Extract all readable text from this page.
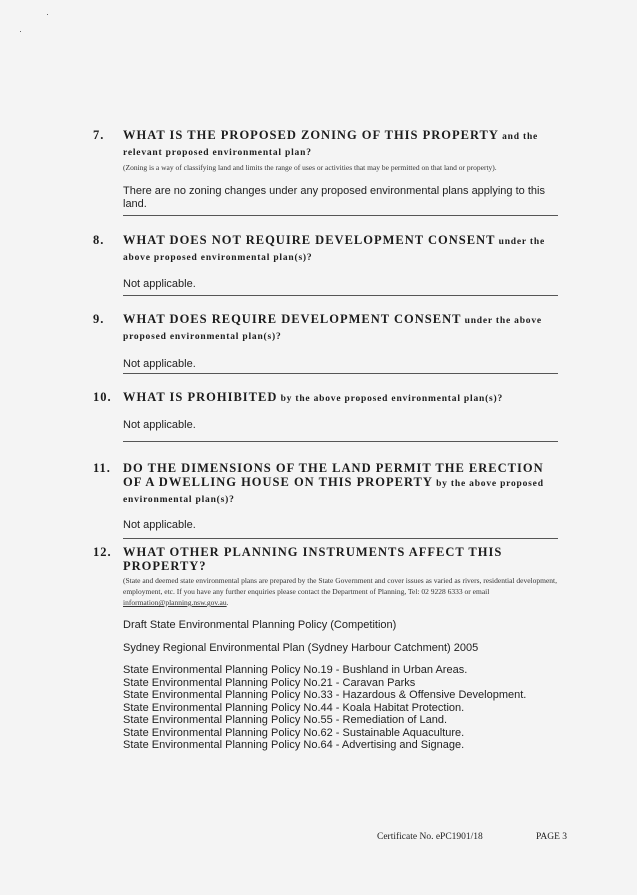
7. WHAT IS THE PROPOSED ZONING OF THIS PROPERTY and the relevant proposed environmental plan?
(Zoning is a way of classifying land and limits the range of uses or activities that may be permitted on that land or property).
There are no zoning changes under any proposed environmental plans applying to this land.
8. WHAT DOES NOT REQUIRE DEVELOPMENT CONSENT under the above proposed environmental plan(s)?
Not applicable.
9. WHAT DOES REQUIRE DEVELOPMENT CONSENT under the above proposed environmental plan(s)?
Not applicable.
10. WHAT IS PROHIBITED by the above proposed environmental plan(s)?
Not applicable.
11. DO THE DIMENSIONS OF THE LAND PERMIT THE ERECTION OF A DWELLING HOUSE ON THIS PROPERTY by the above proposed environmental plan(s)?
Not applicable.
12. WHAT OTHER PLANNING INSTRUMENTS AFFECT THIS PROPERTY?
(State and deemed state environmental plans are prepared by the State Government and cover issues as varied as rivers, residential development, employment, etc. If you have any further enquiries please contact the Department of Planning, Tel: 02 9228 6333 or email information@planning.nsw.gov.au.
Draft State Environmental Planning Policy (Competition)
Sydney Regional Environmental Plan (Sydney Harbour Catchment) 2005
State Environmental Planning Policy No.19 - Bushland in Urban Areas.
State Environmental Planning Policy No.21 - Caravan Parks
State Environmental Planning Policy No.33 - Hazardous & Offensive Development.
State Environmental Planning Policy No.44 - Koala Habitat Protection.
State Environmental Planning Policy No.55 - Remediation of Land.
State Environmental Planning Policy No.62 - Sustainable Aquaculture.
State Environmental Planning Policy No.64 - Advertising and Signage.
Certificate No. ePC1901/18	PAGE 3
